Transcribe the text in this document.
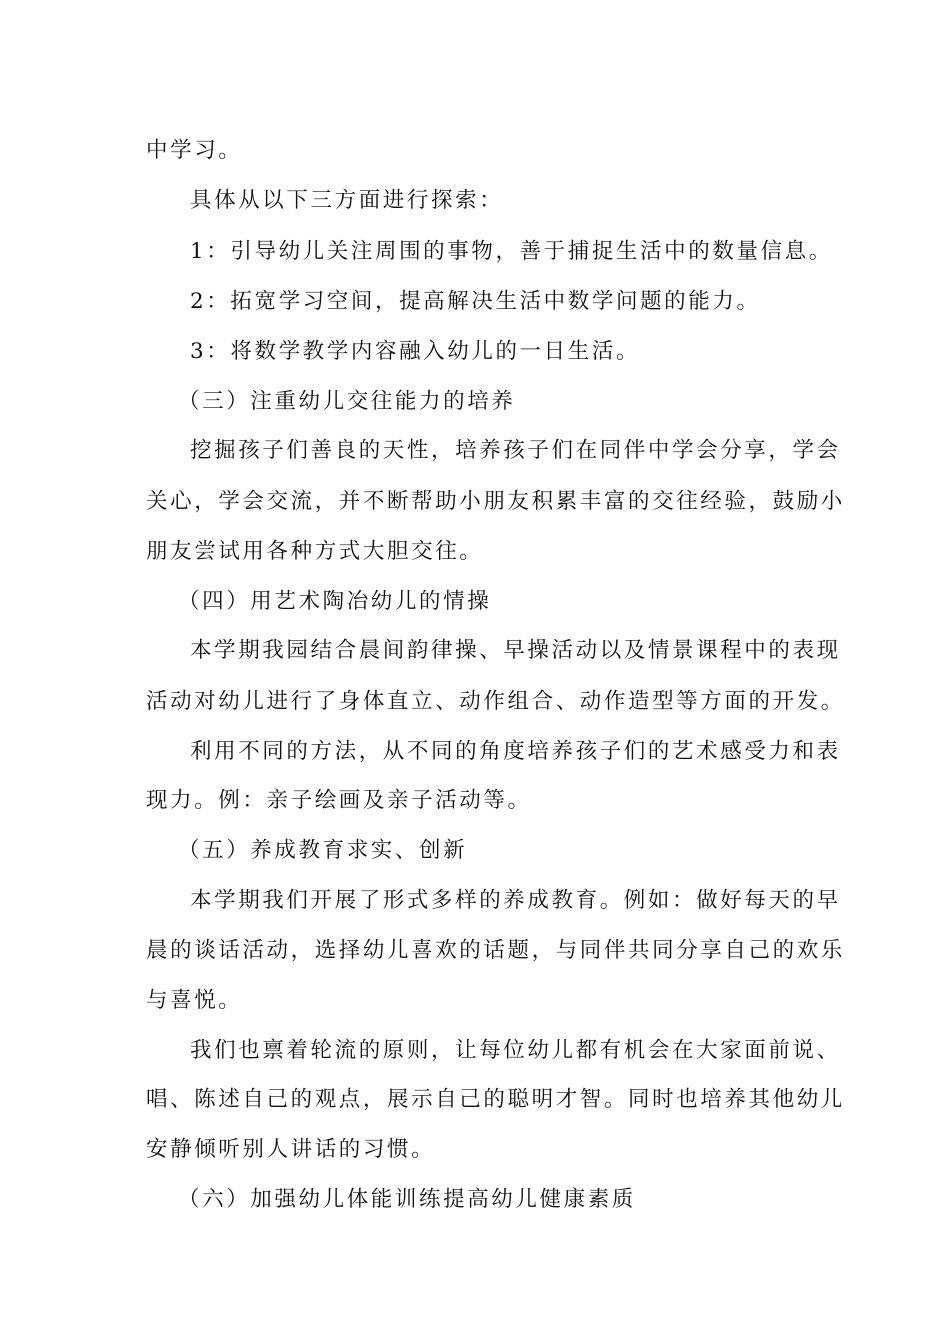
中学习。
具体从以下三方面进行探索：
1：引导幼儿关注周围的事物，善于捕捉生活中的数量信息。
2：拓宽学习空间，提高解决生活中数学问题的能力。
3：将数学教学内容融入幼儿的一日生活。
（三）注重幼儿交往能力的培养
挖掘孩子们善良的天性，培养孩子们在同伴中学会分享，学会
关心，学会交流，并不断帮助小朋友积累丰富的交往经验，鼓励小
朋友尝试用各种方式大胆交往。
（四）用艺术陶冶幼儿的情操
本学期我园结合晨间韵律操、早操活动以及情景课程中的表现
活动对幼儿进行了身体直立、动作组合、动作造型等方面的开发。
利用不同的方法，从不同的角度培养孩子们的艺术感受力和表
现力。例：亲子绘画及亲子活动等。
（五）养成教育求实、创新
本学期我们开展了形式多样的养成教育。例如：做好每天的早
晨的谈话活动，选择幼儿喜欢的话题，与同伴共同分享自己的欢乐
与喜悦。
我们也禀着轮流的原则，让每位幼儿都有机会在大家面前说、
唱、陈述自己的观点，展示自己的聪明才智。同时也培养其他幼儿
安静倾听别人讲话的习惯。
（六）加强幼儿体能训练提高幼儿健康素质
